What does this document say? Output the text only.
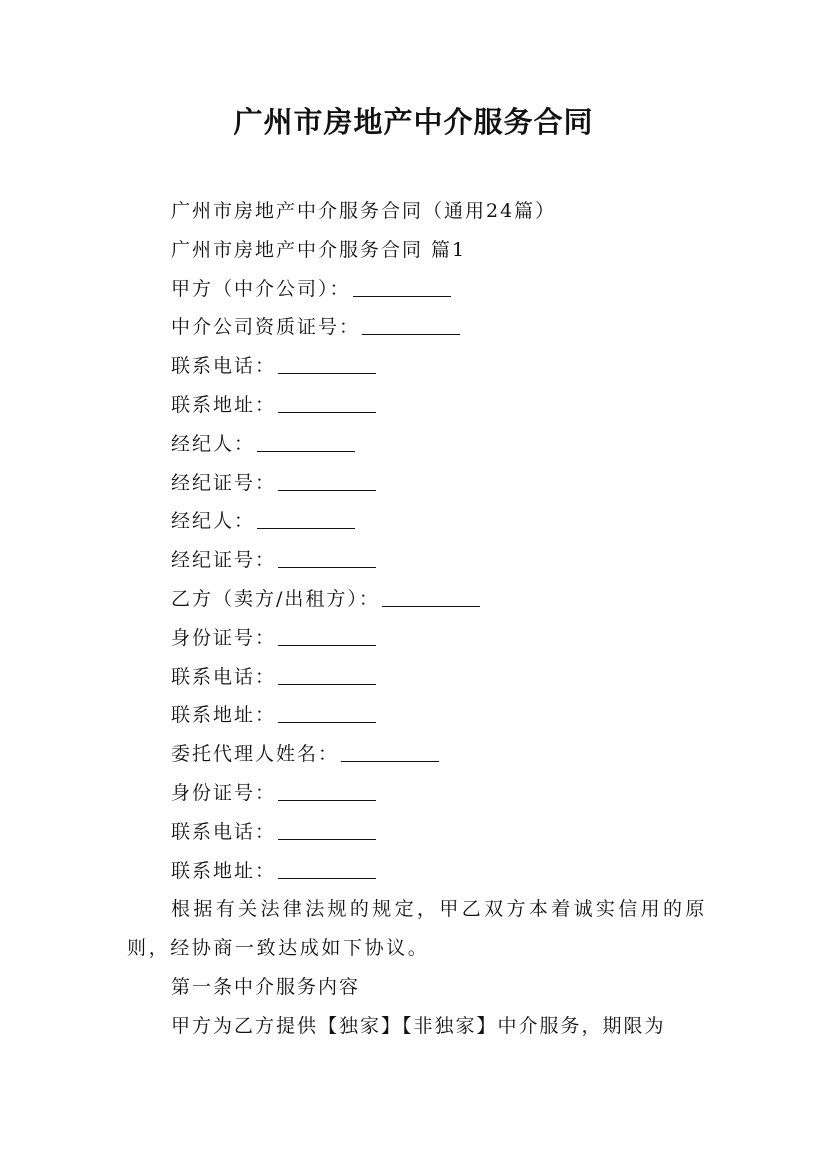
广州市房地产中介服务合同
广州市房地产中介服务合同（通用24篇）
广州市房地产中介服务合同 篇1
甲方（中介公司）：
中介公司资质证号：
联系电话：
联系地址：
经纪人：
经纪证号：
经纪人：
经纪证号：
乙方（卖方/出租方）：
身份证号：
联系电话：
联系地址：
委托代理人姓名：
身份证号：
联系电话：
联系地址：
根据有关法律法规的规定，甲乙双方本着诚实信用的原则，经协商一致达成如下协议。
第一条中介服务内容
甲方为乙方提供【独家】【非独家】中介服务，期限为
